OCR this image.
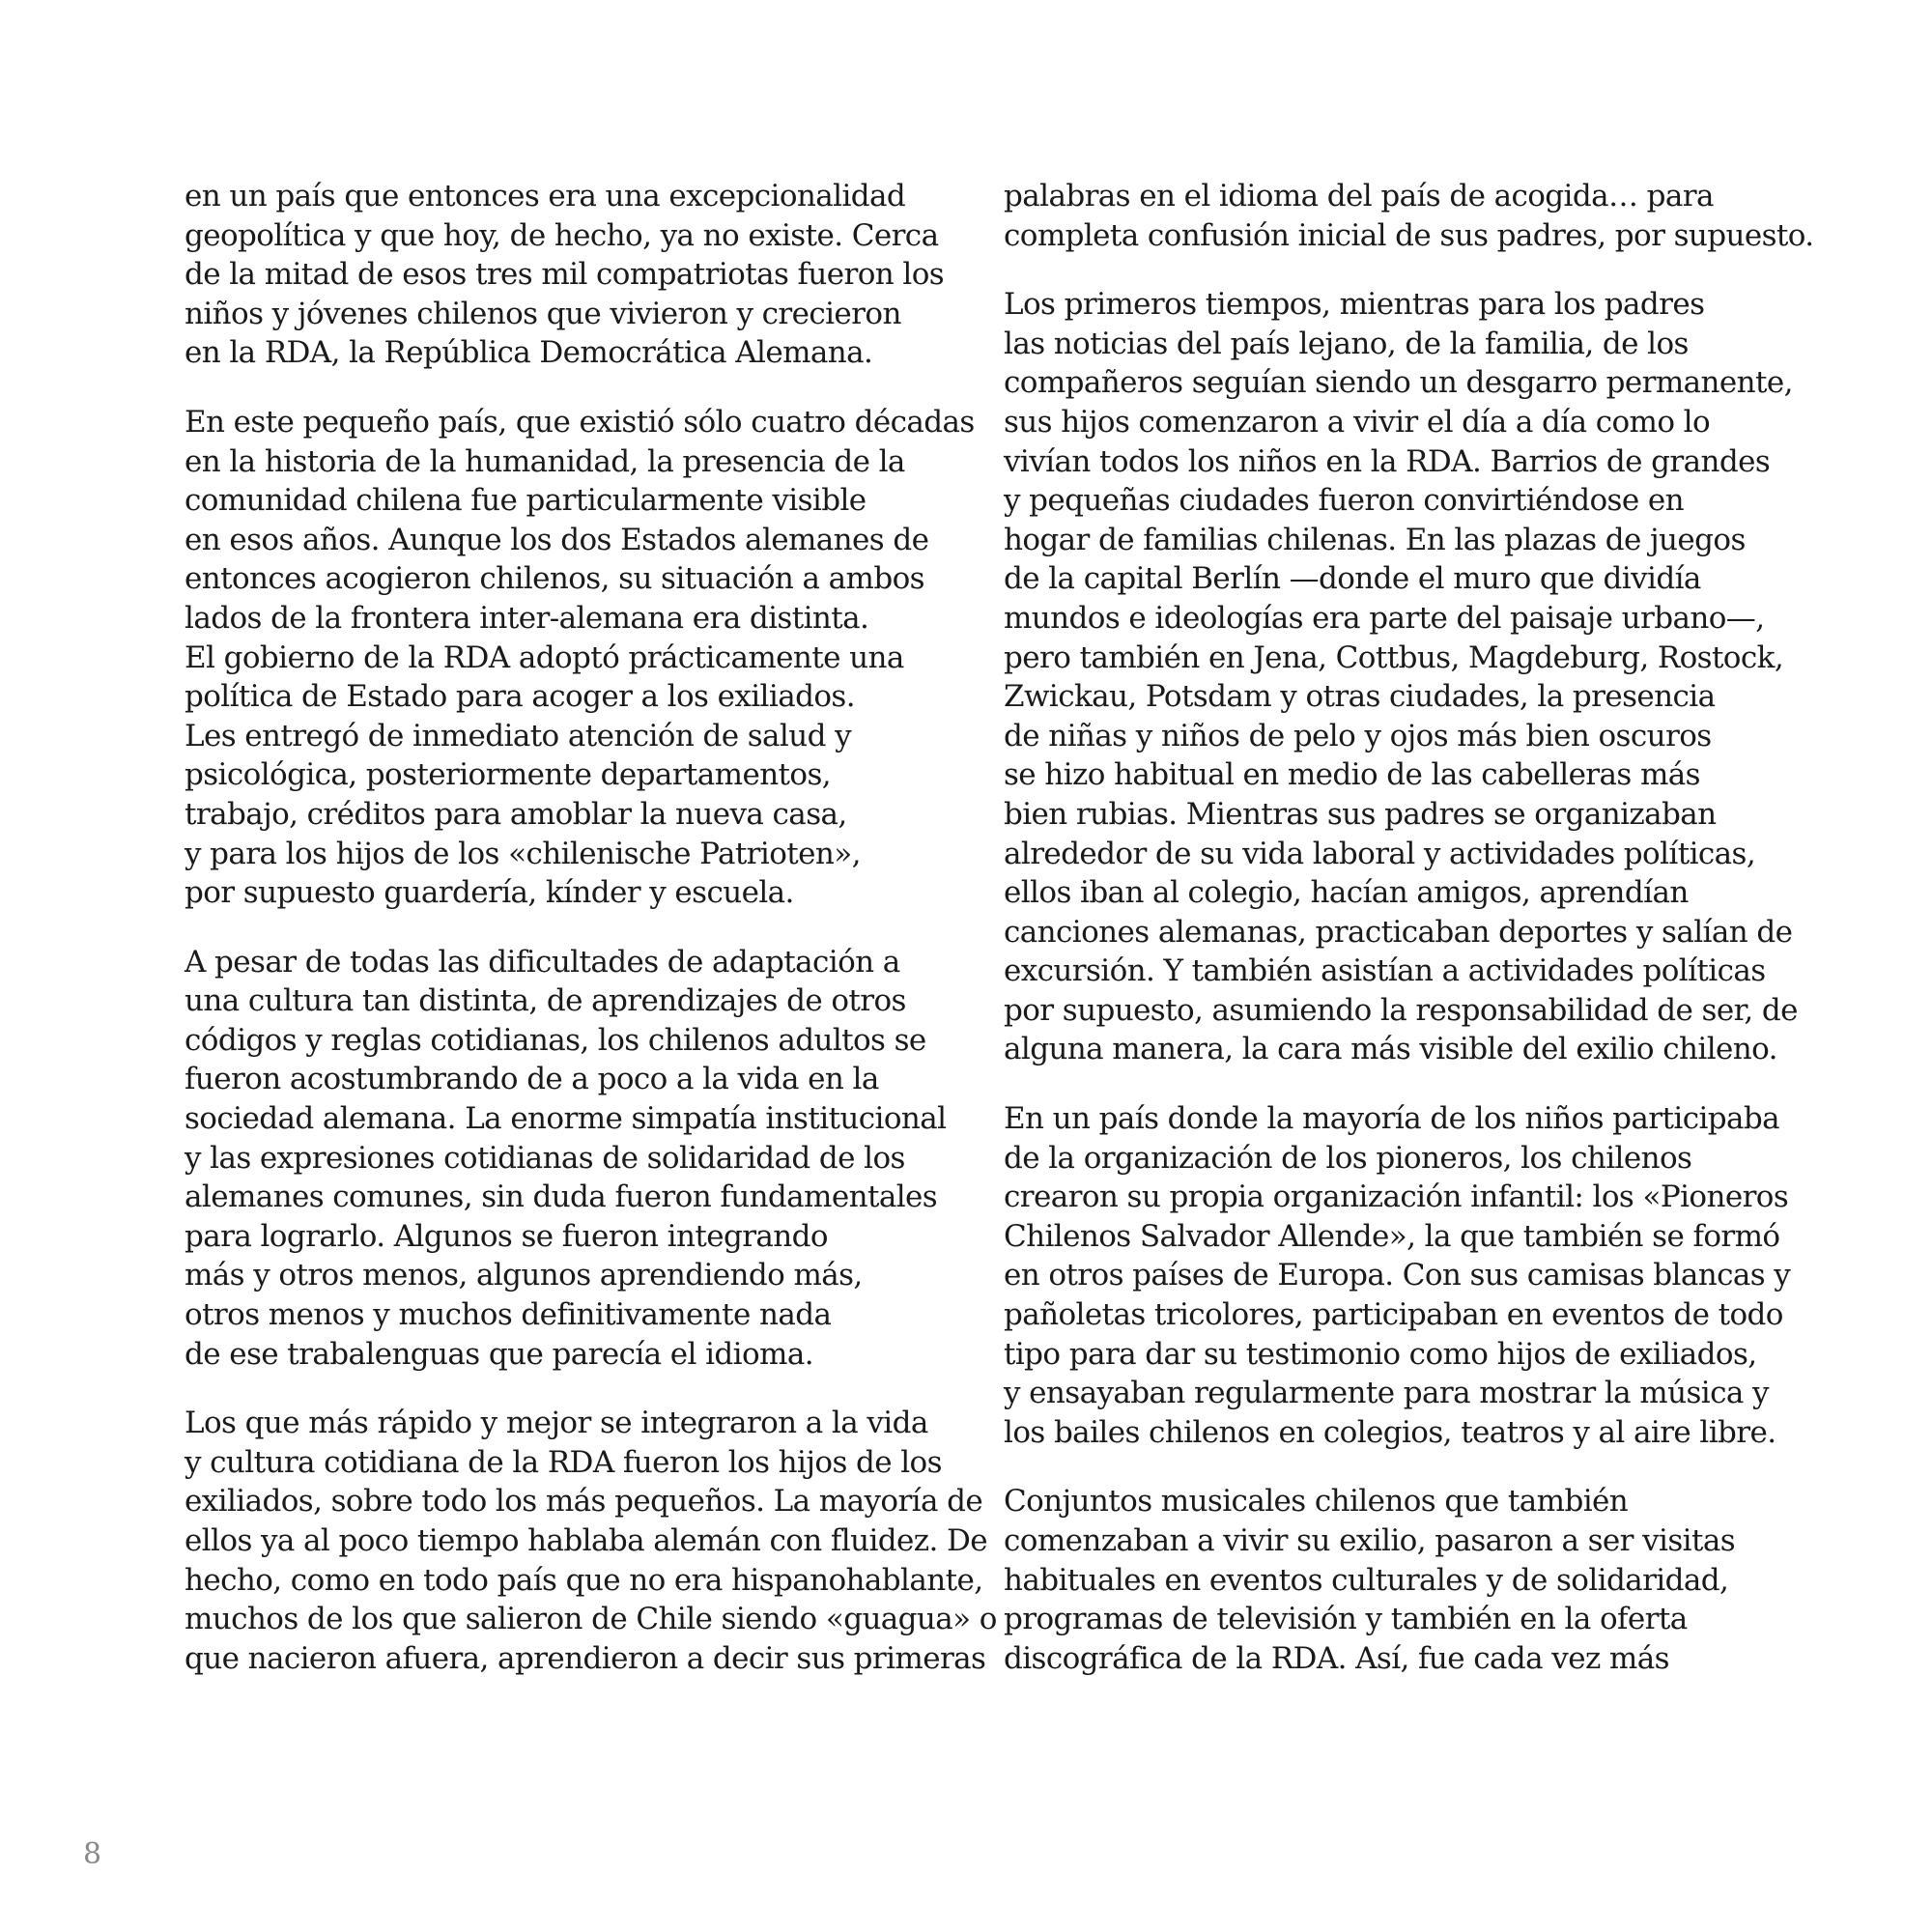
en un país que entonces era una excepcionalidad
geopolítica y que hoy, de hecho, ya no existe. Cerca
de la mitad de esos tres mil compatriotas fueron los
niños y jóvenes chilenos que vivieron y crecieron
en la RDA, la República Democrática Alemana.

En este pequeño país, que existió sólo cuatro décadas
en la historia de la humanidad, la presencia de la
comunidad chilena fue particularmente visible
en esos años. Aunque los dos Estados alemanes de
entonces acogieron chilenos, su situación a ambos
lados de la frontera inter-alemana era distinta.
El gobierno de la RDA adoptó prácticamente una
política de Estado para acoger a los exiliados.
Les entregó de inmediato atención de salud y
psicológica, posteriormente departamentos,
trabajo, créditos para amoblar la nueva casa,
y para los hijos de los «chilenische Patrioten»,
por supuesto guardería, kínder y escuela.

A pesar de todas las dificultades de adaptación a
una cultura tan distinta, de aprendizajes de otros
códigos y reglas cotidianas, los chilenos adultos se
fueron acostumbrando de a poco a la vida en la
sociedad alemana. La enorme simpatía institucional
y las expresiones cotidianas de solidaridad de los
alemanes comunes, sin duda fueron fundamentales
para lograrlo. Algunos se fueron integrando
más y otros menos, algunos aprendiendo más,
otros menos y muchos definitivamente nada
de ese trabalenguas que parecía el idioma.

Los que más rápido y mejor se integraron a la vida
y cultura cotidiana de la RDA fueron los hijos de los
exiliados, sobre todo los más pequeños. La mayoría de
ellos ya al poco tiempo hablaba alemán con fluidez. De
hecho, como en todo país que no era hispanohablante,
muchos de los que salieron de Chile siendo «guagua» o
que nacieron afuera, aprendieron a decir sus primeras

palabras en el idioma del país de acogida… para
completa confusión inicial de sus padres, por supuesto.

Los primeros tiempos, mientras para los padres
las noticias del país lejano, de la familia, de los
compañeros seguían siendo un desgarro permanente,
sus hijos comenzaron a vivir el día a día como lo
vivían todos los niños en la RDA. Barrios de grandes
y pequeñas ciudades fueron convirtiéndose en
hogar de familias chilenas. En las plazas de juegos
de la capital Berlín —donde el muro que dividía
mundos e ideologías era parte del paisaje urbano—,
pero también en Jena, Cottbus, Magdeburg, Rostock,
Zwickau, Potsdam y otras ciudades, la presencia
de niñas y niños de pelo y ojos más bien oscuros
se hizo habitual en medio de las cabelleras más
bien rubias. Mientras sus padres se organizaban
alrededor de su vida laboral y actividades políticas,
ellos iban al colegio, hacían amigos, aprendían
canciones alemanas, practicaban deportes y salían de
excursión. Y también asistían a actividades políticas
por supuesto, asumiendo la responsabilidad de ser, de
alguna manera, la cara más visible del exilio chileno.

En un país donde la mayoría de los niños participaba
de la organización de los pioneros, los chilenos
crearon su propia organización infantil: los «Pioneros
Chilenos Salvador Allende», la que también se formó
en otros países de Europa. Con sus camisas blancas y
pañoletas tricolores, participaban en eventos de todo
tipo para dar su testimonio como hijos de exiliados,
y ensayaban regularmente para mostrar la música y
los bailes chilenos en colegios, teatros y al aire libre.

Conjuntos musicales chilenos que también
comenzaban a vivir su exilio, pasaron a ser visitas
habituales en eventos culturales y de solidaridad,
programas de televisión y también en la oferta
discográfica de la RDA. Así, fue cada vez más

8
